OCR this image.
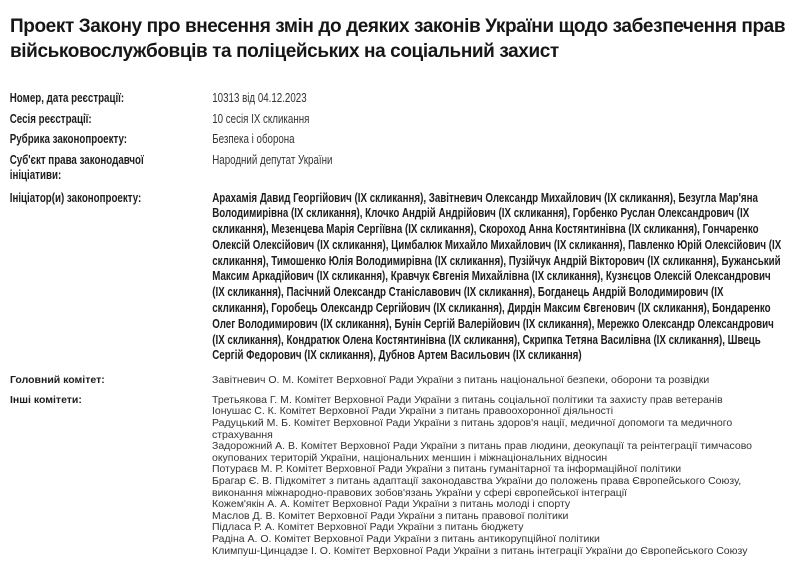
Проект Закону про внесення змін до деяких законів України щодо забезпечення прав військовослужбовців та поліцейських на соціальний захист
Номер, дата реєстрації:	10313 від 04.12.2023
Сесія реєстрації:	10 сесія ІХ скликання
Рубрика законопроекту:	Безпека і оборона
Суб'єкт права законодавчої ініціативи:
Народний депутат України
Ініціатор(и) законопроекту:	Арахамія Давид Георгійович (ІХ скликання), Завітневич Олександр Михайлович (ІХ скликання), Безугла Мар'яна Володимирівна (ІХ скликання), Клочко Андрій Андрійович (ІХ скликання), Горбенко Руслан Олександрович (ІХ скликання), Мезенцева Марія Сергіївна (ІХ скликання), Скороход Анна Костянтинівна (ІХ скликання), Гончаренко Олексій Олексійович (ІХ скликання), Цимбалюк Михайло Михайлович (ІХ скликання), Павленко Юрій Олексійович (ІХ скликання), Тимошенко Юлія Володимирівна (ІХ скликання), Пузійчук Андрій Вікторович (ІХ скликання), Бужанський Максим Аркадійович (ІХ скликання), Кравчук Євгенія Михайлівна (ІХ скликання), Кузнєцов Олексій Олександрович (ІХ скликання), Пасічний Олександр Станіславович (ІХ скликання), Богданець Андрій Володимирович (ІХ скликання), Горобець Олександр Сергійович (ІХ скликання), Дирдін Максим Євгенович (ІХ скликання), Бондаренко Олег Володимирович (ІХ скликання), Бунін Сергій Валерійович (ІХ скликання), Мережко Олександр Олександрович (ІХ скликання), Кондратюк Олена Костянтинівна (ІХ скликання), Скрипка Тетяна Василівна (ІХ скликання), Швець Сергій Федорович (ІХ скликання), Дубнов Артем Васильович (ІХ скликання)
Головний комітет:	Завітневич О. М. Комітет Верховної Ради України з питань національної безпеки, оборони та розвідки
Інші комітети:	Третьякова Г. М. Комітет Верховної Ради України з питань соціальної політики та захисту прав ветеранів
Іонушас С. К. Комітет Верховної Ради України з питань правоохоронної діяльності
Радуцький М. Б. Комітет Верховної Ради України з питань здоров'я нації, медичної допомоги та медичного страхування
Задорожний А. В. Комітет Верховної Ради України з питань прав людини, деокупації та реінтеграції тимчасово окупованих територій України, національних меншин і міжнаціональних відносин
Потураєв М. Р. Комітет Верховної Ради України з питань гуманітарної та інформаційної політики
Брагар Є. В. Підкомітет з питань адаптації законодавства України до положень права Європейського Союзу, виконання міжнародно-правових зобов'язань України у сфері європейської інтеграції
Кожем'якін А. А. Комітет Верховної Ради України з питань молоді і спорту
Маслов Д. В. Комітет Верховної Ради України з питань правової політики
Підласа Р. А. Комітет Верховної Ради України з питань бюджету
Радіна А. О. Комітет Верховної Ради України з питань антикорупційної політики
Климпуш-Цинцадзе І. О. Комітет Верховної Ради України з питань інтеграції України до Європейського Союзу
